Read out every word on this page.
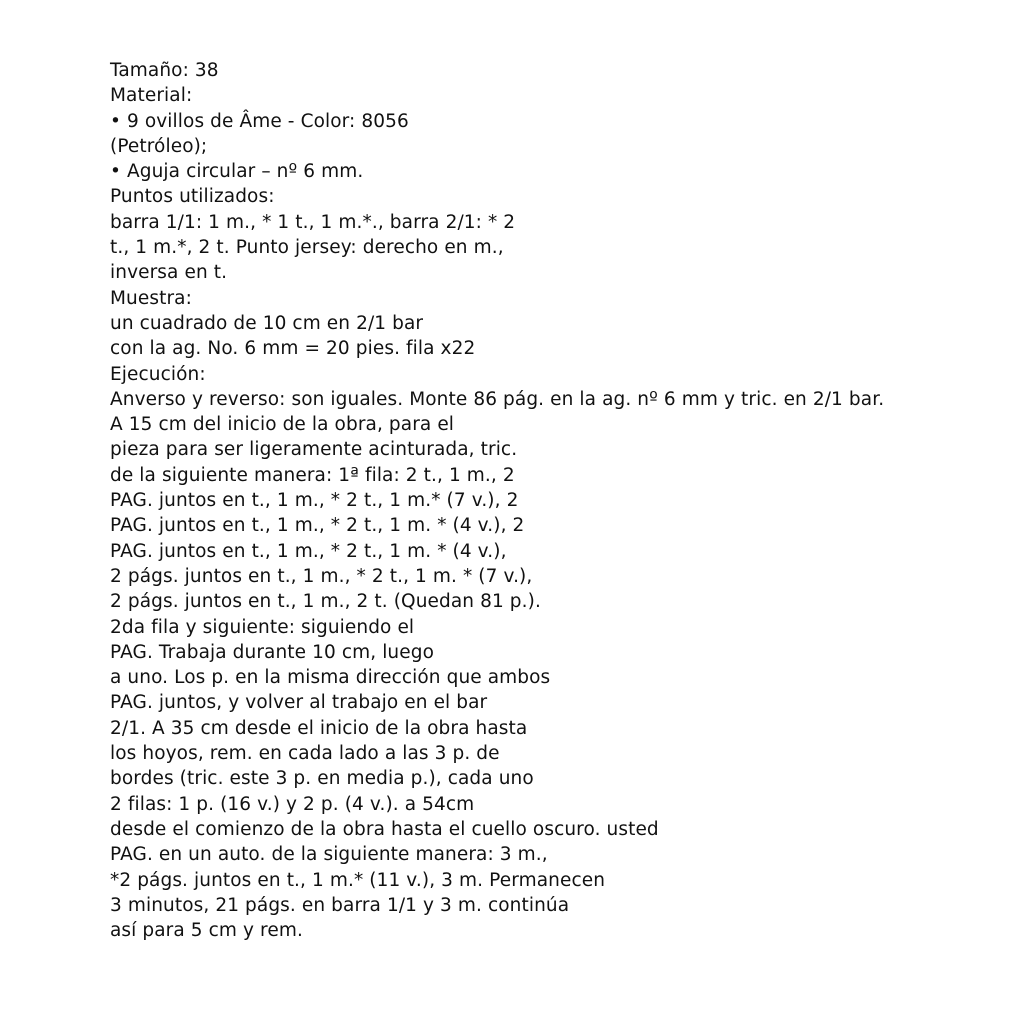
Tamaño: 38
Material:
• 9 ovillos de Âme - Color: 8056
(Petróleo);
• Aguja circular – nº 6 mm.
Puntos utilizados:
barra 1/1: 1 m., * 1 t., 1 m.*., barra 2/1: * 2
t., 1 m.*, 2 t. Punto jersey: derecho en m.,
inversa en t.
Muestra:
un cuadrado de 10 cm en 2/1 bar
con la ag. No. 6 mm = 20 pies. fila x22
Ejecución:
Anverso y reverso: son iguales. Monte 86 pág. en la ag. nº 6 mm y tric. en 2/1 bar.
A 15 cm del inicio de la obra, para el
pieza para ser ligeramente acinturada, tric.
de la siguiente manera: 1ª fila: 2 t., 1 m., 2
PAG. juntos en t., 1 m., * 2 t., 1 m.* (7 v.), 2
PAG. juntos en t., 1 m., * 2 t., 1 m. * (4 v.), 2
PAG. juntos en t., 1 m., * 2 t., 1 m. * (4 v.),
2 págs. juntos en t., 1 m., * 2 t., 1 m. * (7 v.),
2 págs. juntos en t., 1 m., 2 t. (Quedan 81 p.).
2da fila y siguiente: siguiendo el
PAG. Trabaja durante 10 cm, luego
a uno. Los p. en la misma dirección que ambos
PAG. juntos, y volver al trabajo en el bar
2/1. A 35 cm desde el inicio de la obra hasta
los hoyos, rem. en cada lado a las 3 p. de
bordes (tric. este 3 p. en media p.), cada uno
2 filas: 1 p. (16 v.) y 2 p. (4 v.). a 54cm
desde el comienzo de la obra hasta el cuello oscuro. usted
PAG. en un auto. de la siguiente manera: 3 m.,
*2 págs. juntos en t., 1 m.* (11 v.), 3 m. Permanecen
3 minutos, 21 págs. en barra 1/1 y 3 m. continúa
así para 5 cm y rem.
